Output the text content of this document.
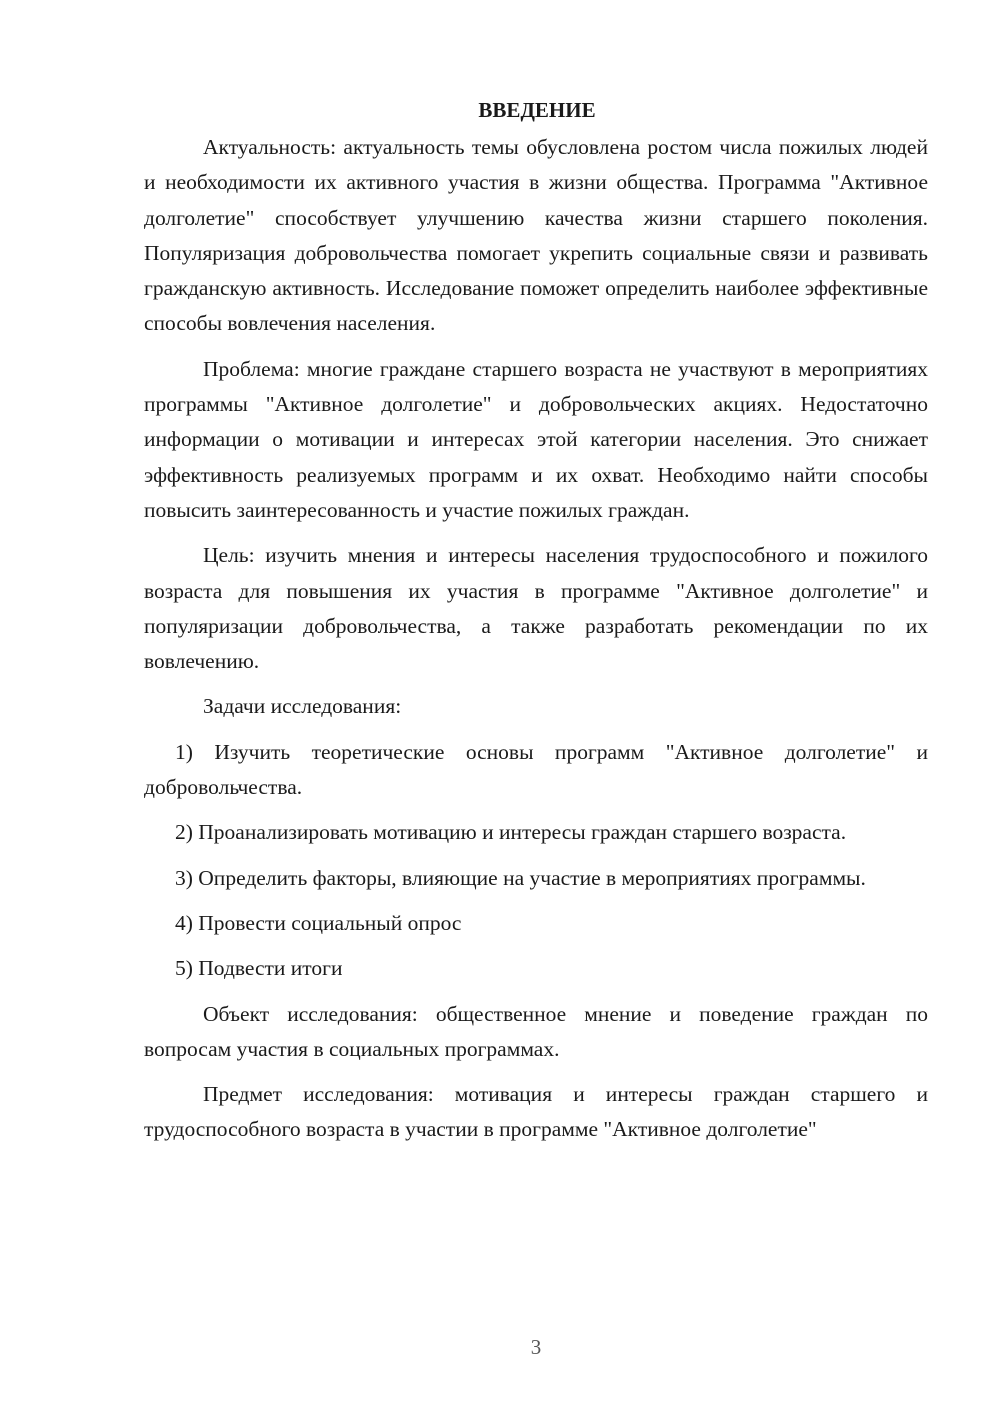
ВВЕДЕНИЕ

Актуальность: актуальность темы обусловлена ростом числа пожилых людей и необходимости их активного участия в жизни общества. Программа "Активное долголетие" способствует улучшению качества жизни старшего поколения. Популяризация добровольчества помогает укрепить социальные связи и развивать гражданскую активность. Исследование поможет определить наиболее эффективные способы вовлечения населения.

Проблема: многие граждане старшего возраста не участвуют в мероприятиях программы "Активное долголетие" и добровольческих акциях. Недостаточно информации о мотивации и интересах этой категории населения. Это снижает эффективность реализуемых программ и их охват. Необходимо найти способы повысить заинтересованность и участие пожилых граждан.

Цель: изучить мнения и интересы населения трудоспособного и пожилого возраста для повышения их участия в программе "Активное долголетие" и популяризации добровольчества, а также разработать рекомендации по их вовлечению.

Задачи исследования:

1) Изучить теоретические основы программ "Активное долголетие" и добровольчества.

2) Проанализировать мотивацию и интересы граждан старшего возраста.

3) Определить факторы, влияющие на участие в мероприятиях программы.

4) Провести социальный опрос

5) Подвести итоги

Объект исследования: общественное мнение и поведение граждан по вопросам участия в социальных программах.

Предмет исследования: мотивация и интересы граждан старшего и трудоспособного возраста в участии в программе "Активное долголетие"

3
